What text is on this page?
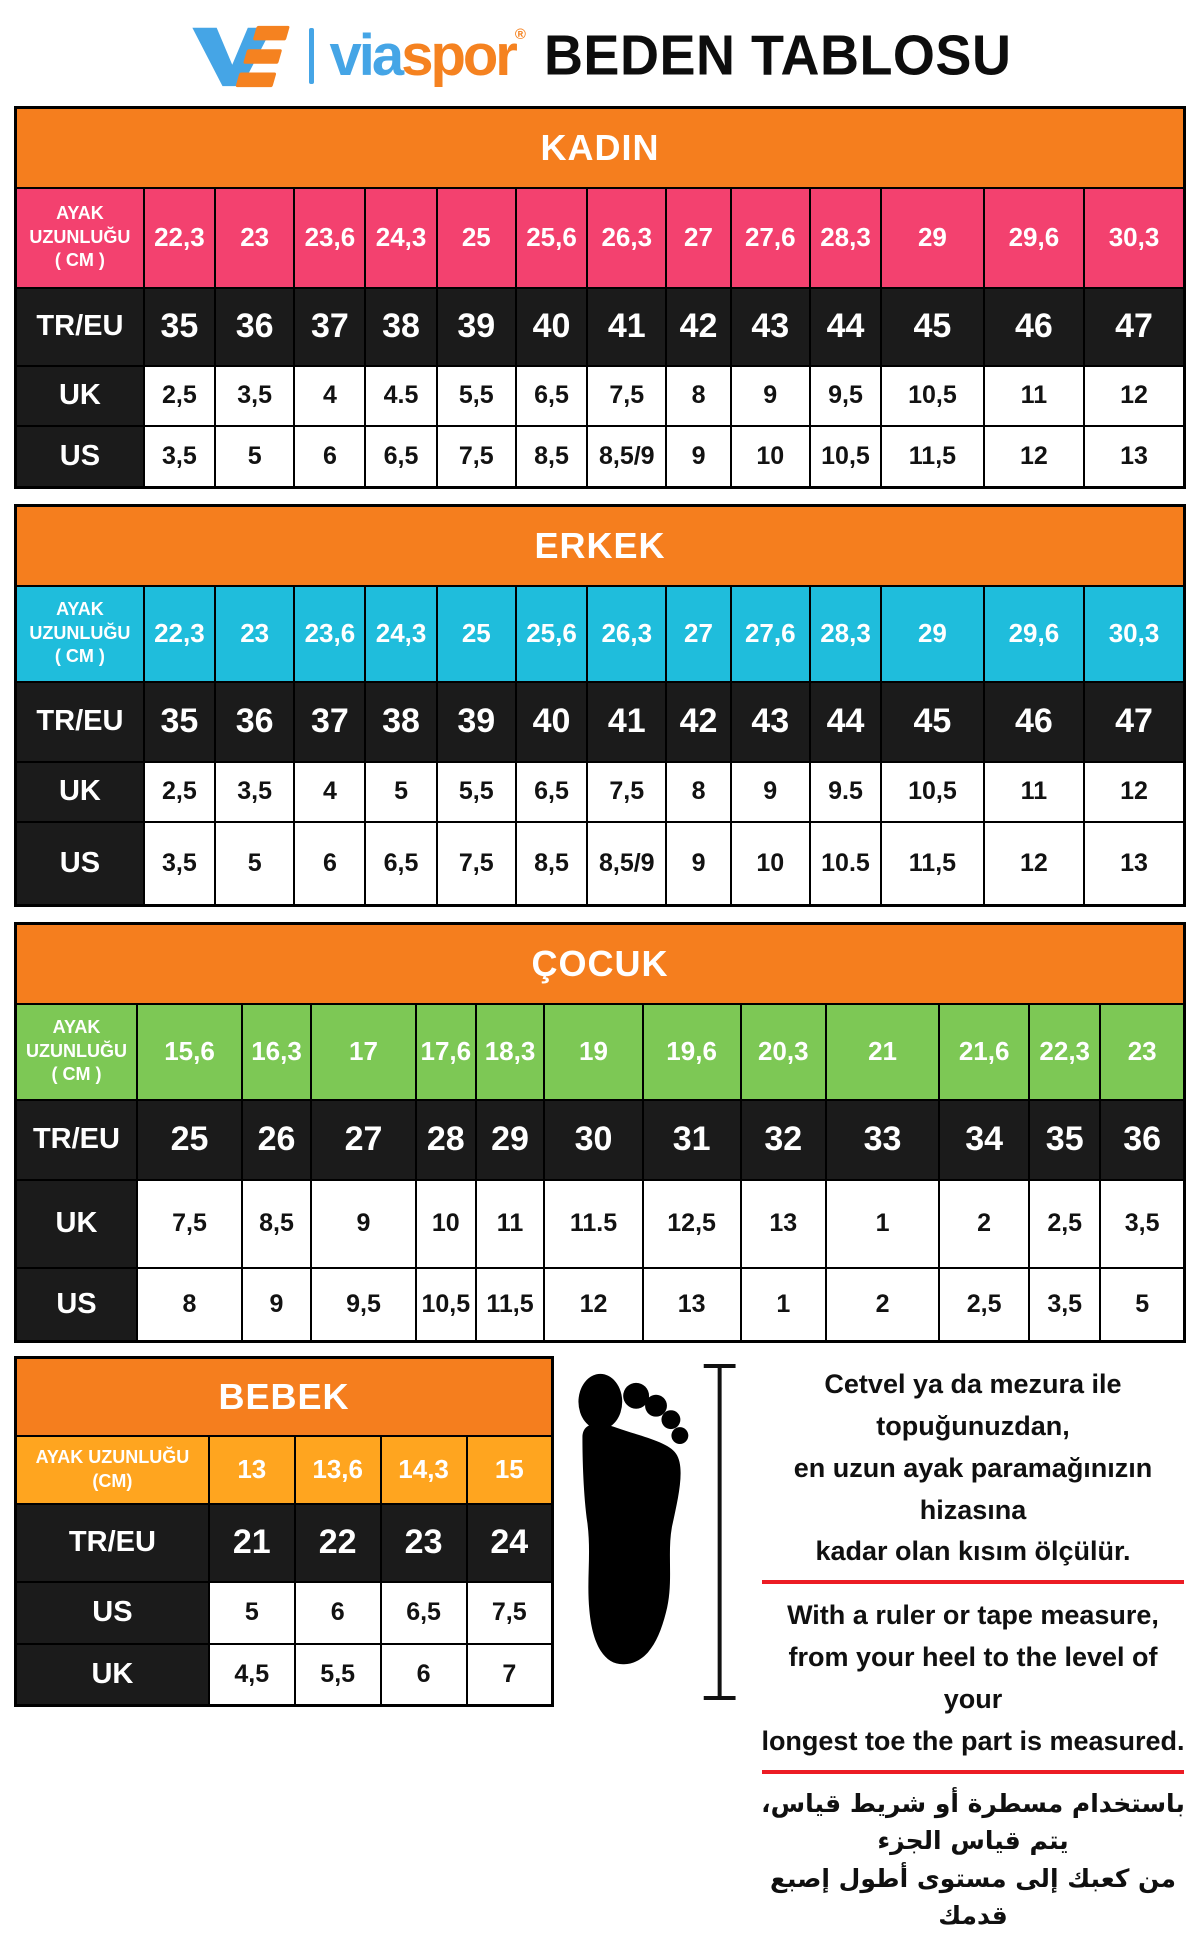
viaspor® BEDEN TABLOSU
KADIN													

AYAK
UZUNLUĞU
( CM )	22,3	23	23,6	24,3	25	25,6	26,3	27	27,6	28,3	29	29,6	30,3

TR/EU	35	36	37	38	39	40	41	42	43	44	45	46	47

UK	2,5	3,5	4	4.5	5,5	6,5	7,5	8	9	9,5	10,5	11	12

US	3,5	5	6	6,5	7,5	8,5	8,5/9	9	10	10,5	11,5	12	13
ERKEK													

AYAK
UZUNLUĞU
( CM )	22,3	23	23,6	24,3	25	25,6	26,3	27	27,6	28,3	29	29,6	30,3

TR/EU	35	36	37	38	39	40	41	42	43	44	45	46	47

UK	2,5	3,5	4	5	5,5	6,5	7,5	8	9	9.5	10,5	11	12

US	3,5	5	6	6,5	7,5	8,5	8,5/9	9	10	10.5	11,5	12	13
ÇOCUK												

AYAK
UZUNLUĞU
( CM )	15,6	16,3	17	17,6	18,3	19	19,6	20,3	21	21,6	22,3	23

TR/EU	25	26	27	28	29	30	31	32	33	34	35	36

UK	7,5	8,5	9	10	11	11.5	12,5	13	1	2	2,5	3,5

US	8	9	9,5	10,5	11,5	12	13	1	2	2,5	3,5	5
BEBEK				

AYAK UZUNLUĞU
(CM)	13	13,6	14,3	15

TR/EU	21	22	23	24

US	5	6	6,5	7,5

UK	4,5	5,5	6	7
Cetvel ya da mezura ile topuğunuzdan,
en uzun ayak paramağınızın hizasına
kadar olan kısım ölçülür.
With a ruler or tape measure,
from your heel to the level of your
longest toe the part is measured.
باستخدام مسطرة أو شريط قياس، يتم قياس الجزء
من كعبك إلى مستوى أطول إصبع قدمك
